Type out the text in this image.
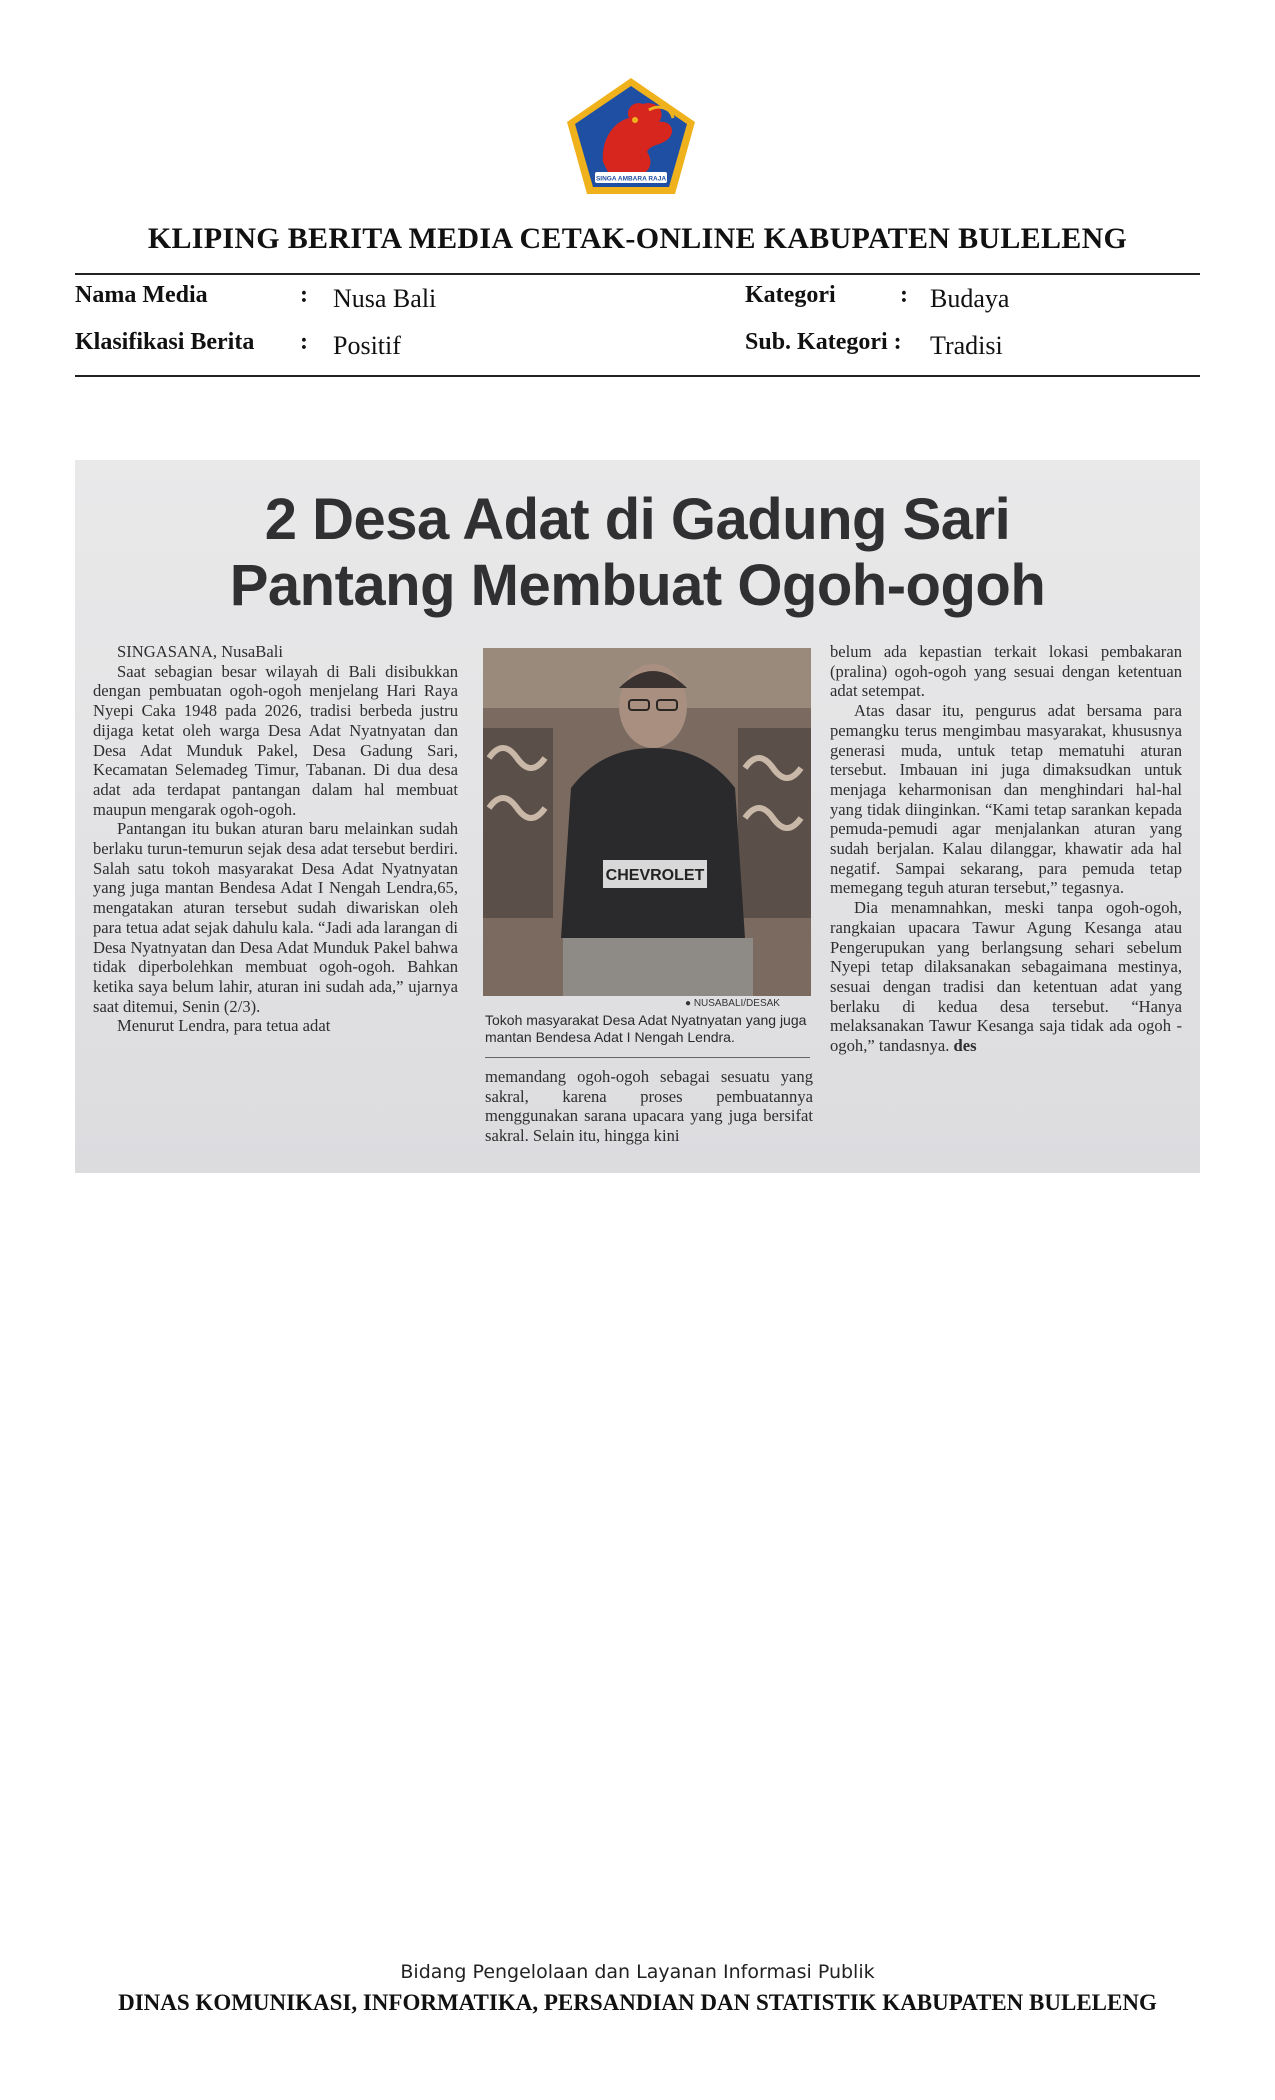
SINGA AMBARA RAJA
KLIPING BERITA MEDIA CETAK-ONLINE KABUPATEN BULELENG
Nama Media	: Nusa Bali	Kategori	: Budaya
Klasifikasi Berita : Positif	Sub. Kategori : Tradisi
2 Desa Adat di Gadung Sari
Pantang Membuat Ogoh-ogoh

SINGASANA, NusaBali

Saat sebagian besar wilayah di Bali disibukkan dengan pembuatan ogoh-ogoh menjelang Hari Raya Nyepi Caka 1948 pada 2026, tradisi berbeda justru dijaga ketat oleh warga Desa Adat Nyatnyatan dan Desa Adat Munduk Pakel, Desa Gadung Sari, Kecamatan Selemadeg Timur, Tabanan. Di dua desa adat ada terdapat pantangan dalam hal membuat maupun mengarak ogoh-ogoh.

Pantangan itu bukan aturan baru melainkan sudah berlaku turun-temurun sejak desa adat tersebut berdiri. Salah satu tokoh masyarakat Desa Adat Nyatnyatan yang juga mantan Bendesa Adat I Nengah Lendra,65, mengatakan aturan tersebut sudah diwariskan oleh para tetua adat sejak dahulu kala. “Jadi ada larangan di Desa Nyatnyatan dan Desa Adat Munduk Pakel bahwa tidak diperbolehkan membuat ogoh-ogoh. Bahkan ketika saya belum lahir, aturan ini sudah ada,” ujarnya saat ditemui, Senin (2/3).

Menurut Lendra, para tetua adat

CHEVROLET
● NUSABALI/DESAK
Tokoh masyarakat Desa Adat Nyatnyatan yang juga mantan Bendesa Adat I Nengah Lendra.

memandang ogoh-ogoh sebagai sesuatu yang sakral, karena proses pembuatannya menggunakan sarana upacara yang juga bersifat sakral. Selain itu, hingga kini

belum ada kepastian terkait lokasi pembakaran (pralina) ogoh-ogoh yang sesuai dengan ketentuan adat setempat.

Atas dasar itu, pengurus adat bersama para pemangku terus mengimbau masyarakat, khususnya generasi muda, untuk tetap mematuhi aturan tersebut. Imbauan ini juga dimaksudkan untuk menjaga keharmonisan dan menghindari hal-hal yang tidak diinginkan. “Kami tetap sarankan kepada pemuda-pemudi agar menjalankan aturan yang sudah berjalan. Kalau dilanggar, khawatir ada hal negatif. Sampai sekarang, para pemuda tetap memegang teguh aturan tersebut,” tegasnya.

Dia menamnahkan, meski tanpa ogoh-ogoh, rangkaian upacara Tawur Agung Kesanga atau Pengerupukan yang berlangsung sehari sebelum Nyepi tetap dilaksanakan sebagaimana mestinya, sesuai dengan tradisi dan ketentuan adat yang berlaku di kedua desa tersebut. “Hanya melaksanakan Tawur Kesanga saja tidak ada ogoh - ogoh,” tandasnya. des

Bidang Pengelolaan dan Layanan Informasi Publik
DINAS KOMUNIKASI, INFORMATIKA, PERSANDIAN DAN STATISTIK KABUPATEN BULELENG
